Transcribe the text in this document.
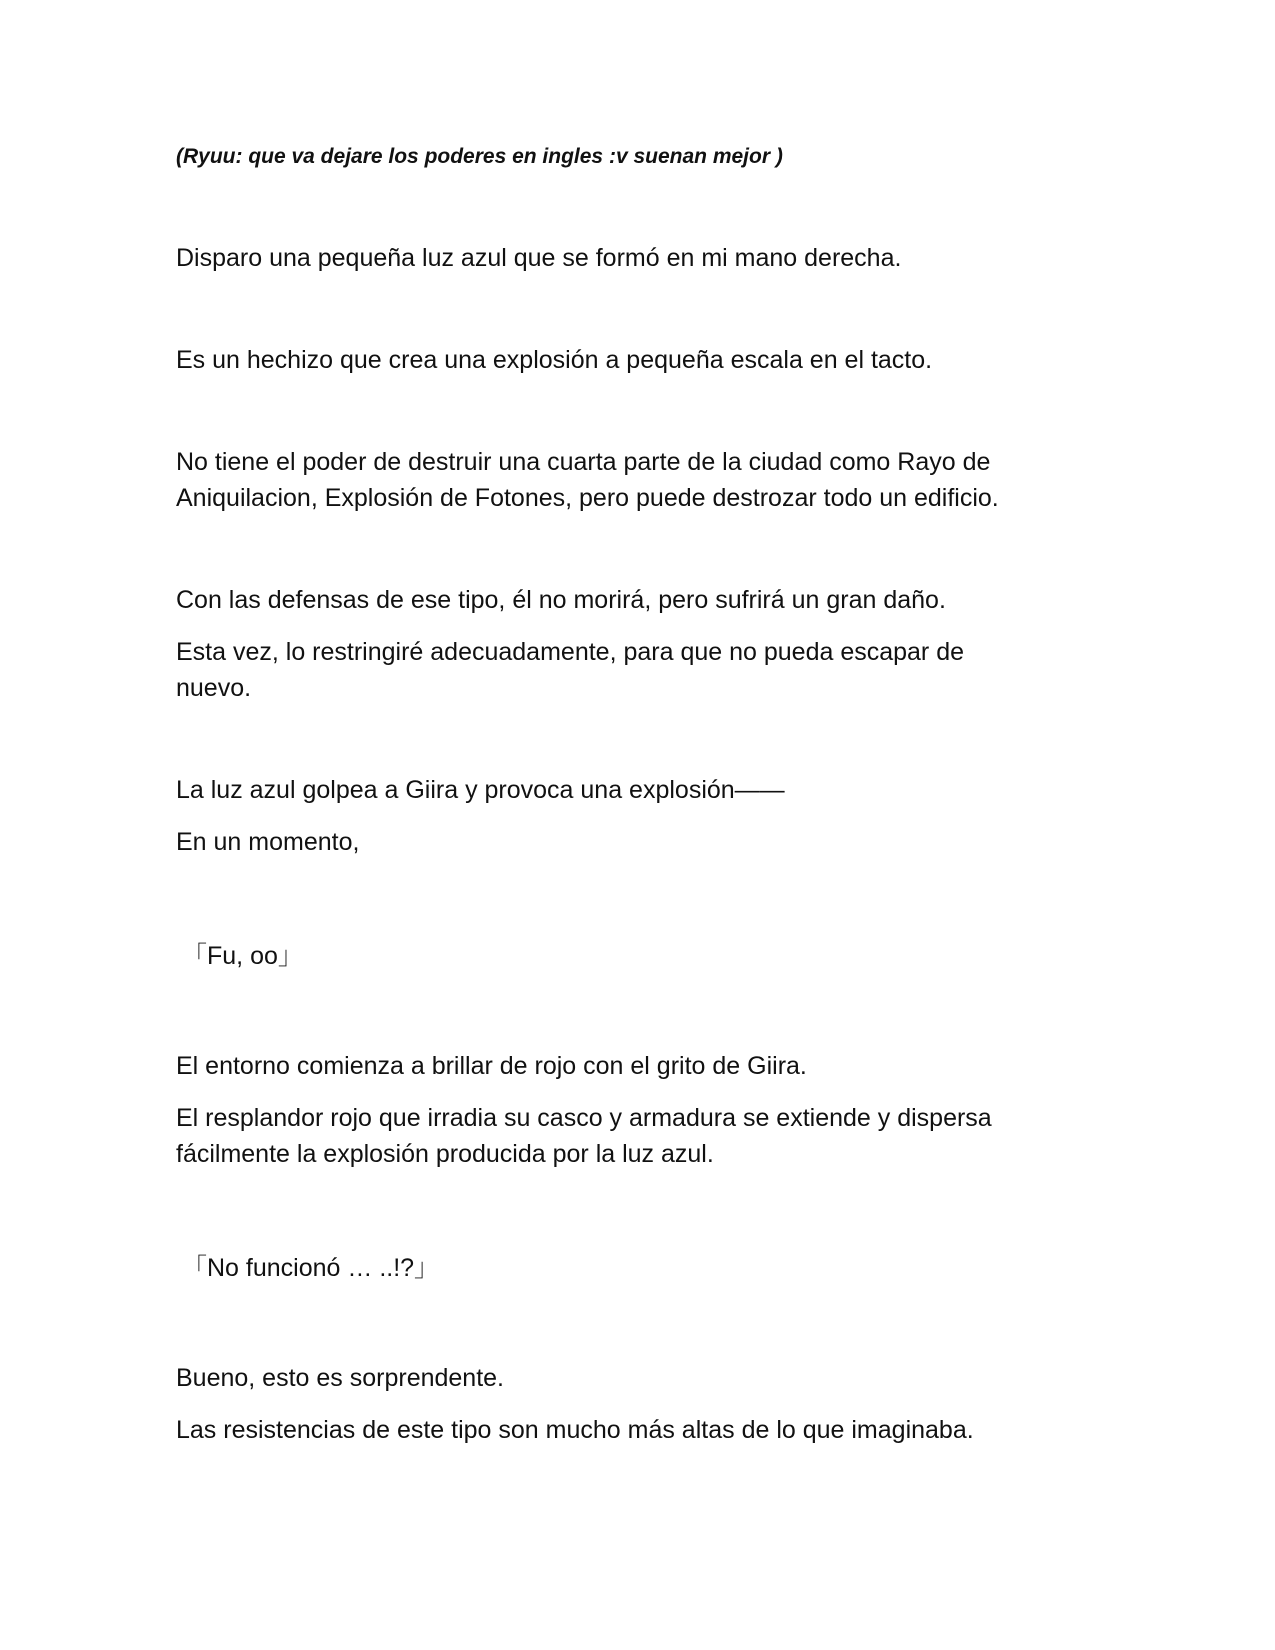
(Ryuu: que va dejare los poderes en ingles :v suenan mejor )
Disparo una pequeña luz azul que se formó en mi mano derecha.
Es un hechizo que crea una explosión a pequeña escala en el tacto.
No tiene el poder de destruir una cuarta parte de la ciudad como Rayo de
Aniquilacion, Explosión de Fotones, pero puede destrozar todo un edificio.
Con las defensas de ese tipo, él no morirá, pero sufrirá un gran daño.
Esta vez, lo restringiré adecuadamente, para que no pueda escapar de
nuevo.
La luz azul golpea a Giira y provoca una explosión——
En un momento,
「Fu, oo」
El entorno comienza a brillar de rojo con el grito de Giira.
El resplandor rojo que irradia su casco y armadura se extiende y dispersa
fácilmente la explosión producida por la luz azul.
「No funcionó … ..!?」
Bueno, esto es sorprendente.
Las resistencias de este tipo son mucho más altas de lo que imaginaba.
